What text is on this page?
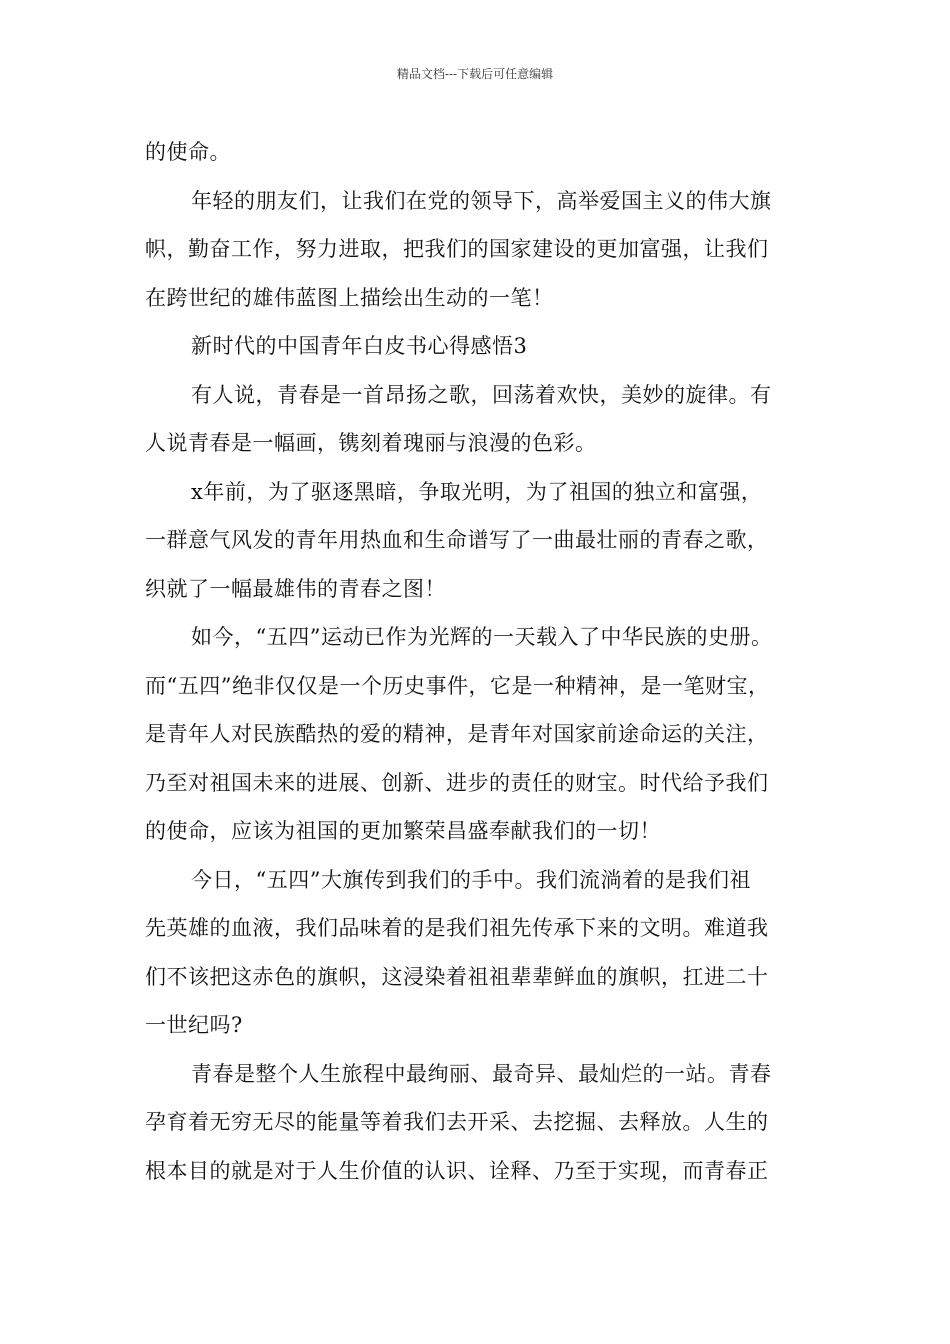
精品文档---下载后可任意编辑
的使命。
年轻的朋友们，让我们在党的领导下，高举爱国主义的伟大旗
帜，勤奋工作，努力进取，把我们的国家建设的更加富强，让我们
在跨世纪的雄伟蓝图上描绘出生动的一笔！
新时代的中国青年白皮书心得感悟3
有人说，青春是一首昂扬之歌，回荡着欢快，美妙的旋律。有
人说青春是一幅画，镌刻着瑰丽与浪漫的色彩。
x年前，为了驱逐黑暗，争取光明，为了祖国的独立和富强，
一群意气风发的青年用热血和生命谱写了一曲最壮丽的青春之歌，
织就了一幅最雄伟的青春之图！
如今，“五四”运动已作为光辉的一天载入了中华民族的史册。
而“五四”绝非仅仅是一个历史事件，它是一种精神，是一笔财宝，
是青年人对民族酷热的爱的精神，是青年对国家前途命运的关注，
乃至对祖国未来的进展、创新、进步的责任的财宝。时代给予我们
的使命，应该为祖国的更加繁荣昌盛奉献我们的一切！
今日，“五四”大旗传到我们的手中。我们流淌着的是我们祖
先英雄的血液，我们品味着的是我们祖先传承下来的文明。难道我
们不该把这赤色的旗帜，这浸染着祖祖辈辈鲜血的旗帜，扛进二十
一世纪吗?
青春是整个人生旅程中最绚丽、最奇异、最灿烂的一站。青春
孕育着无穷无尽的能量等着我们去开采、去挖掘、去释放。人生的
根本目的就是对于人生价值的认识、诠释、乃至于实现，而青春正
